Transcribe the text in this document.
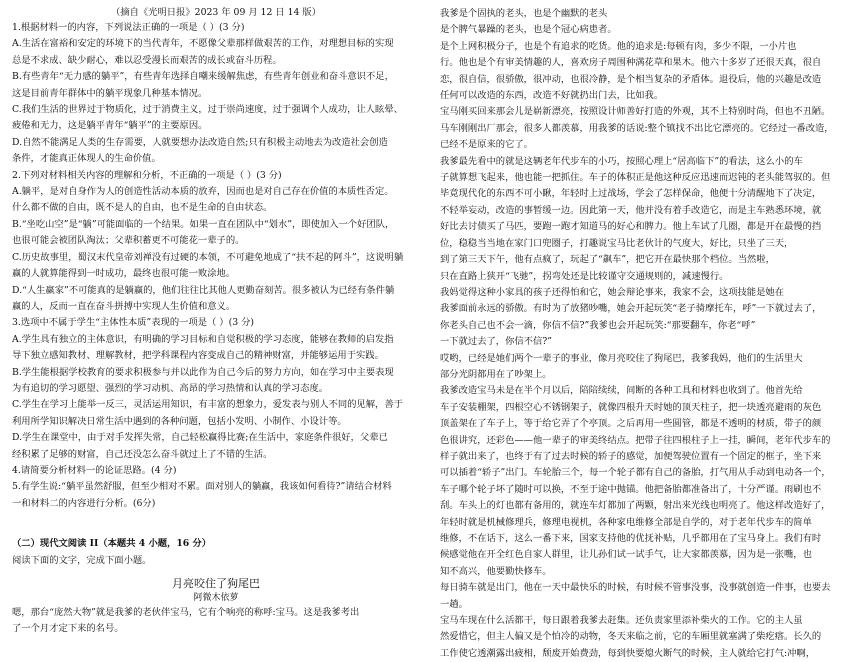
（摘自《光明日报》2023 年 09 月 12 日 14 版）
1.根据材料一的内容，下列说法正确的一项是（ ）(3 分)
A.生活在富裕和安定的环境下的当代青年，不愿像父辈那样做艰苦的工作，对理想目标的实现
总是不求成、缺少耐心，难以忍受漫长而艰苦的成长或奋斗历程。
B.有些青年“无力感的躺平”，有些青年选择自嘲来缓解焦虑，有些青年创业和奋斗意识不足，
这是目前青年群体中的躺平现象几种基本情况。
C.我们生活的世界过于物质化，过于消费主义，过于崇尚速度，过于强调个人成功，让人眩晕、
疲倦和无力，这是躺平青年“躺平”的主要原因。
D.自然不能满足人类的生存需要，人就要想办法改造自然;只有积极主动地去为改造社会创造
条件，才能真正体现人的生命价值。
2.下列对材料相关内容的理解和分析，不正确的一项是（ ）(3 分)
A.躺平，是对自身作为人的创造性活动本质的放弃，因而也是对自己存在价值的本质性否定。
什么都不做的自由，既不是人的自由，也不是生命的自由状态。
B.“坐吃山空”是“躺”可能面临的一个结果。如果一直在团队中“划水”，即使加入一个好团队，
也很可能会被团队淘汰；父辈积蓄更不可能花一辈子的。
C.历史故事里，蜀汉末代皇帝刘禅没有过硬的本领，不可避免地成了“扶不起的阿斗”，这说明躺
赢的人就算能得到一时成功，最终也很可能一败涂地。
D.“人生赢家”不可能真的是躺赢的，他们往往比其他人更勤奋刻苦。很多被认为已经有条件躺
赢的人，反而一直在奋斗拼搏中实现人生价值和意义。
3.选项中不属于学生“主体性本质”表现的一项是（ ）(3 分)
A.学生具有独立的主体意识，有明确的学习目标和自觉积极的学习态度，能够在教师的启发指
导下独立感知教材、理解教材，把学科课程内容变成自己的精神财富，并能够运用于实践。
B.学生能根据学校教育的要求积极参与并以此作为自己今后的努力方向，如在学习中主要表现
为有追切的学习愿望、强烈的学习动机、高昂的学习热情和认真的学习态度。
C.学生在学习上能举一反三，灵活运用知识，有丰富的想象力，爱发表与别人不同的见解，善于
利用所学知识解决日常生活中遇到的各种问题，包括小发明、小制作、小设计等。
D.学生在课堂中，由于对手发挥失常，自己轻松赢得比赛;在生活中，家庭条件很好，父辈已
经积累了足够的财富，自己还没怎么奋斗就过上了不错的生活。
4.请简要分析材料一的论证思路。(4 分)
5.有学生说:“躺平虽然舒服，但至少相对不累。面对别人的躺赢，我该如何看待?”请结合材料
一和材料二的内容进行分析。(6分)
（二）现代文阅读 II（本题共 4 小题，16 分）
阅读下面的文字，完成下面小题。
月亮咬住了狗尾巴
阿微木依萝
嗯，那台“庞然大物”就是我爹的老伙伴宝马，它有个响亮的称呼:宝马。这是我爹考出
了一个月才定下来的名号。
我爹是个固执的老头，也是个幽默的老头
是个脾气暴躁的老头，也是个冠心病患者。
是个上网积极分子，也是个有追求的吃货。他的追求是:每顿有肉，多少不限，一小片也
行。他也是个有审美情趣的人，喜欢房子周围种满花草和果木。他六十多岁了还很天真，很自
恋，很自信，很骄傲，很冲动，也很冷静，是个相当复杂的矛盾体。退役后，他的兴趣是改造
任何可以改造的东西，改造不好就扔出门去，比如我。
宝马刚买回来那会儿是崭新漂亮，按照设计师善好打造的外观，其不上特别时尚，但也不丑陋。
马车刚刚出厂那会，很多人都羡慕，用我爹的话说:整个镇找不出比它漂亮的。它经过一番改造，
已经不是原来的它了。
我爹最先看中的就是这辆老年代步车的小巧，按照心理上“居高临下”的看法，这么小的车
子就算想飞起来，他也能一把抓住。车子的体积正是他这种反应迅速而迟钝的老头能驾驭的。但
毕竟现代化的东西不可小瞅，年轻时上过战场，学会了怎样保命，他便十分清醒地下了决定，
不轻举妄动，改造的事暂缓一边。因此第一天，他并没有着手改造它，而是主车熟悉环境，就
好比去讨债买了马匹，要跑一跑才知道马的好心和脾力。他上车试了几圈，都是开在最慢的挡
位，稳稳当当地在家门口兜圈子，打趣说宝马比老伙计的气度大，好比，只坐了三天，
到了第三天下午，他有点疯了，玩起了“飙车”，把它开在最快那个档位。当然啦，
只在直路上狭开“飞驰”，拐弯处还是比较谨守交通规则的，减速慢行。
我妈觉得这种小家具的孩子还得怕和它，她会辩论事来，我家不会，这项技能是她在
我爹面前永远的骄傲。有时为了放猪吵嘴，她会开起玩笑“老子骑摩托车，呼”一下就过去了，
你老头自己也不会一滴，你信不信?”我爹也会开起玩笑:“那要翻车，你老“呼”
一下就过去了，你信不信?”
哎哟，已经是她们两个一辈子的事业，像月亮咬住了狗尾巴，我爹我妈，他们的生活里大
部分光阴都用在了吵架上。
我爹改造宝马未是在半个月以后，陪陪续续，间断的各种工具和材料也收到了。他首先给
车子安装棚架，四根空心不锈钢架子，就像四根升天时她的顶天柱子，把一块透亮避雨的灰色
顶盖架在了车子上，等于给它弄了个亭顶。之后再用一些圆管，都是不透明的材质，带子的颜
色很讲究，还彩色——他一辈子的审美终结点。把带子往四根柱子上一挂，瞬间，老年代步车的
样子就出来了，也终于有了过去时候的轿子的感觉，加便驾驶位置有一个固定的框子，坐下来
可以插着“轿子”出门。车轮胎三个，每一个轮子都有自己的备胎，打气用从手动到电动各一个，
车子哪个轮子坏了随时可以换，不至于途中抛锚。他把备胎都准备出了，十分严谨。雨刷也不
刮。车头上的灯也都有备用的，就连车灯都加了两颗，射出来光线也明亮了。他这样改造好了，
年轻时就是机械修理兵，修理电视机，各种家电维修全部是自学的，对于老年代步车的简单
维修，不在话下，这么一番下来，国家支持他的优抚补贴，几乎都用在了宝马身上。我们有时
候感觉他在开全红色自家人群里，让儿孙们试一试手气，让大家都羡慕，因为是一张嘴，也
知不高兴，他要勤快修车。
每日骑车就是出门，他在一天中最快乐的时候，有时候不管事没事，没事就创造一件事，也要去
一趟。
宝马车现在什么活都干，每日跟着我爹去赶集。还负责家里添补柴火的工作。它的主人虽
然爱惜它，但主人偏又是个怕冷的动物，冬天来临之前，它的车厢里就塞满了柴疙瘩。长久的
工作使它透潮露出疲相，颓废开始费劲，每到快要熄火断气的时候，主人就给它打气:冲啊，
